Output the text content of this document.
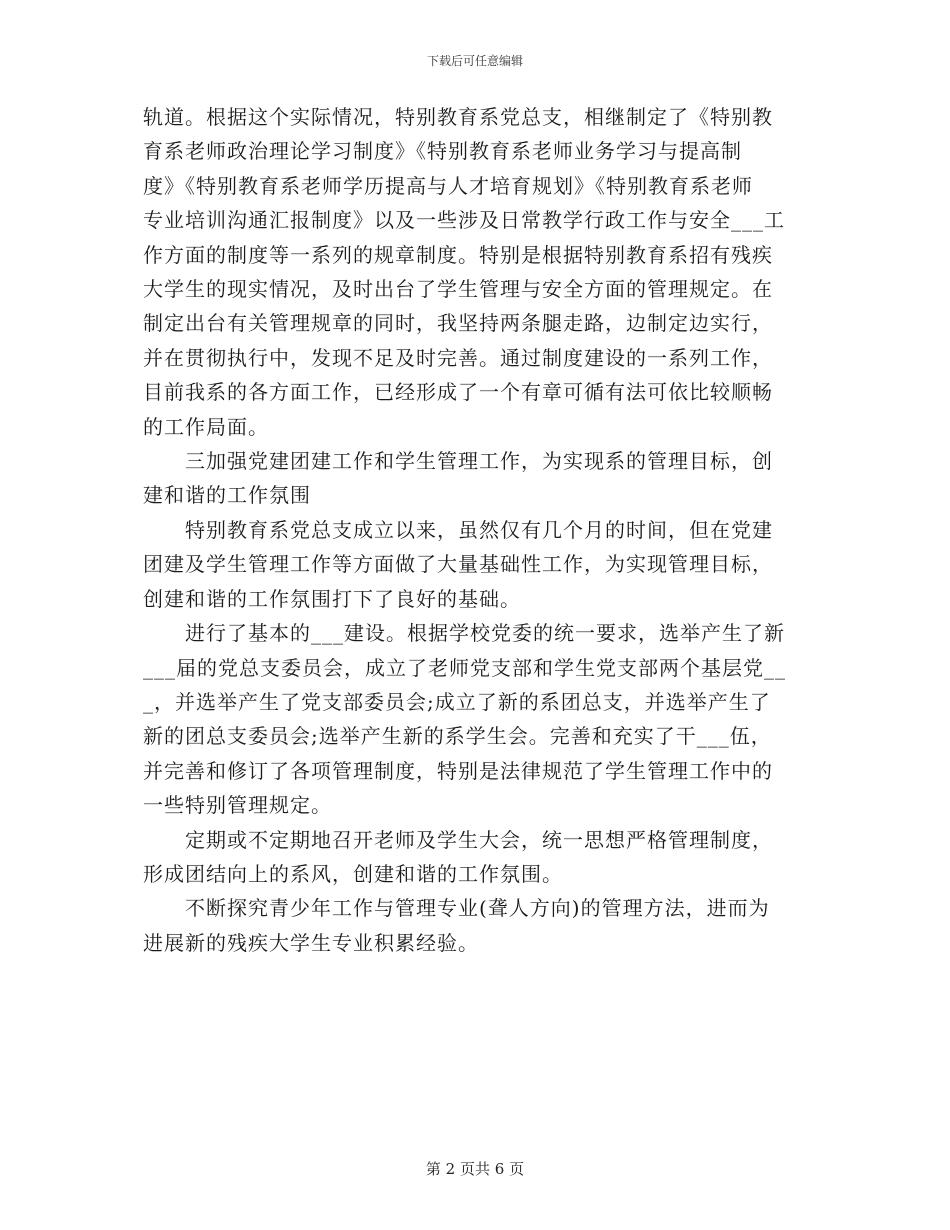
下载后可任意编辑

轨道。根据这个实际情况，特别教育系党总支，相继制定了《特别教

育系老师政治理论学习制度》《特别教育系老师业务学习与提高制

度》《特别教育系老师学历提高与人才培育规划》《特别教育系老师

专业培训沟通汇报制度》以及一些涉及日常教学行政工作与安全___工

作方面的制度等一系列的规章制度。特别是根据特别教育系招有残疾

大学生的现实情况，及时出台了学生管理与安全方面的管理规定。在

制定出台有关管理规章的同时，我坚持两条腿走路，边制定边实行，

并在贯彻执行中，发现不足及时完善。通过制度建设的一系列工作，

目前我系的各方面工作，已经形成了一个有章可循有法可依比较顺畅

的工作局面。

　　三加强党建团建工作和学生管理工作，为实现系的管理目标，创

建和谐的工作氛围

　　特别教育系党总支成立以来，虽然仅有几个月的时间，但在党建

团建及学生管理工作等方面做了大量基础性工作，为实现管理目标，

创建和谐的工作氛围打下了良好的基础。

　　进行了基本的___建设。根据学校党委的统一要求，选举产生了新

___届的党总支委员会，成立了老师党支部和学生党支部两个基层党__

_，并选举产生了党支部委员会;成立了新的系团总支，并选举产生了

新的团总支委员会;选举产生新的系学生会。完善和充实了干___伍，

并完善和修订了各项管理制度，特别是法律规范了学生管理工作中的

一些特别管理规定。

　　定期或不定期地召开老师及学生大会，统一思想严格管理制度，

形成团结向上的系风，创建和谐的工作氛围。

　　不断探究青少年工作与管理专业(聋人方向)的管理方法，进而为

进展新的残疾大学生专业积累经验。

第 2 页共 6 页
